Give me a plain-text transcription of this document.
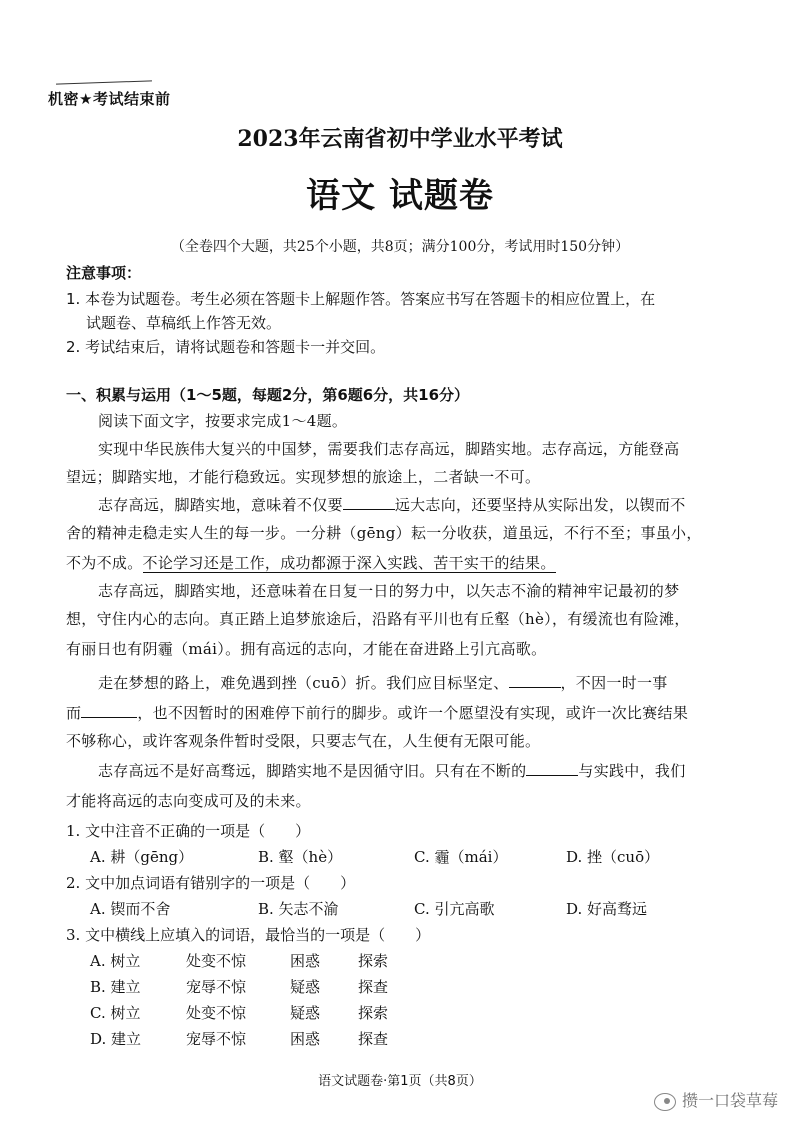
机密★考试结束前
2023年云南省初中学业水平考试
语文 试题卷
（全卷四个大题，共25个小题，共8页；满分100分，考试用时150分钟）
注意事项：
1. 本卷为试题卷。考生必须在答题卡上解题作答。答案应书写在答题卡的相应位置上，在
试题卷、草稿纸上作答无效。
2. 考试结束后，请将试题卷和答题卡一并交回。
一、积累与运用（1～5题，每题2分，第6题6分，共16分）
阅读下面文字，按要求完成1～4题。
实现中华民族伟大复兴的中国梦，需要我们志存高远，脚踏实地。志存高远，方能登高
望远；脚踏实地，才能行稳致远。实现梦想的旅途上，二者缺一不可。
志存高远，脚踏实地，意味着不仅要	远大志向，还要坚持从实际出发，以锲而不
舍的精神走稳走实人生的每一步。一分耕（gēng）耘一分收获，道虽远，不行不至；事虽小，
不为不成。不论学习还是工作，成功都源于深入实践、苦干实干的结果。
志存高远，脚踏实地，还意味着在日复一日的努力中，以矢志不渝的精神牢记最初的梦
想，守住内心的志向。真正踏上追梦旅途后，沿路有平川也有丘壑（hè），有缓流也有险滩，
有丽日也有阴霾（mái）。拥有高远的志向，才能在奋进路上引亢高歌。
走在梦想的路上，难免遇到挫（cuō）折。我们应目标坚定、	，不因一时一事
而	，也不因暂时的困难停下前行的脚步。或许一个愿望没有实现，或许一次比赛结果
不够称心，或许客观条件暂时受限，只要志气在，人生便有无限可能。
志存高远不是好高骛远，脚踏实地不是因循守旧。只有在不断的	与实践中，我们
才能将高远的志向变成可及的未来。
1. 文中注音不正确的一项是（　　）
A. 耕（gēng）	B. 壑（hè）	C. 霾（mái）	D. 挫（cuō）
2. 文中加点词语有错别字的一项是（　　）
A. 锲而不舍	B. 矢志不渝	C. 引亢高歌	D. 好高骛远
3. 文中横线上应填入的词语，最恰当的一项是（　　）
A. 树立	处变不惊	困惑	探索
B. 建立	宠辱不惊	疑惑	探查
C. 树立	处变不惊	疑惑	探索
D. 建立	宠辱不惊	困惑	探查
语文试题卷·第1页（共8页）
攒一口袋草莓
